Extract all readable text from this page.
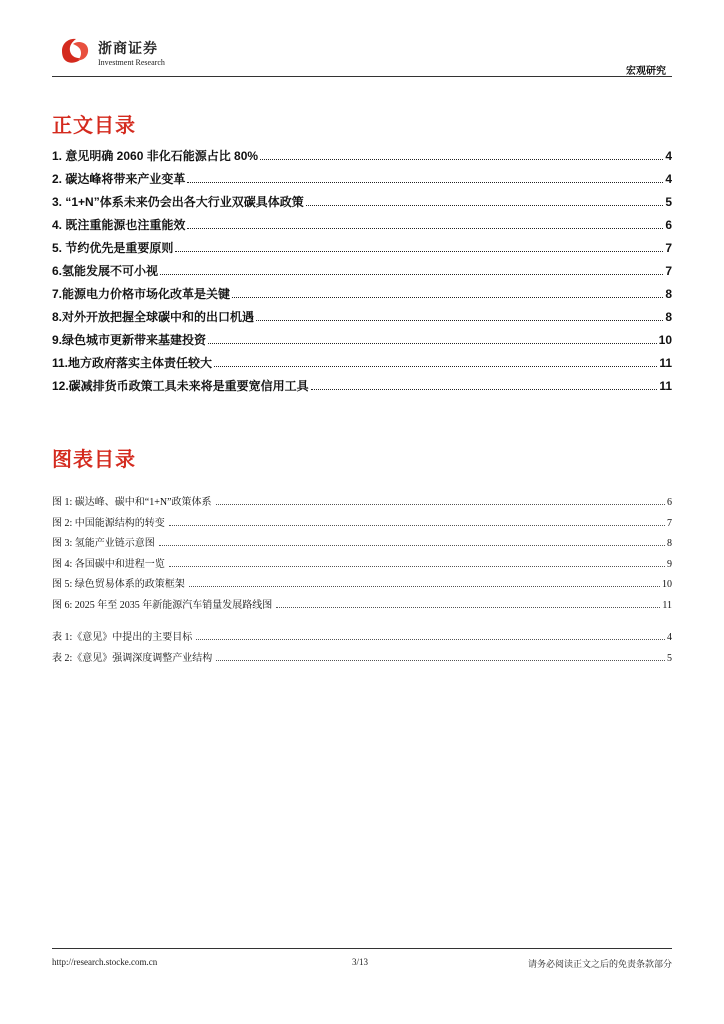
浙商证券
Investment Research
宏观研究
正文目录
1. 意见明确 2060 非化石能源占比 80%	4
2. 碳达峰将带来产业变革	4
3. “1+N”体系未来仍会出各大行业双碳具体政策	5
4. 既注重能源也注重能效	6
5. 节约优先是重要原则	7
6.氢能发展不可小视	7
7.能源电力价格市场化改革是关键	8
8.对外开放把握全球碳中和的出口机遇	8
9.绿色城市更新带来基建投资	10
11.地方政府落实主体责任较大	11
12.碳减排货币政策工具未来将是重要宽信用工具	11
图表目录
图 1: 碳达峰、碳中和“1+N”政策体系	6
图 2: 中国能源结构的转变	7
图 3: 氢能产业链示意图	8
图 4: 各国碳中和进程一览	9
图 5: 绿色贸易体系的政策框架	10
图 6: 2025 年至 2035 年新能源汽车销量发展路线图	11
表 1:《意见》中提出的主要目标	4
表 2:《意见》强调深度调整产业结构	5
http://research.stocke.com.cn	3/13	请务必阅读正文之后的免责条款部分
